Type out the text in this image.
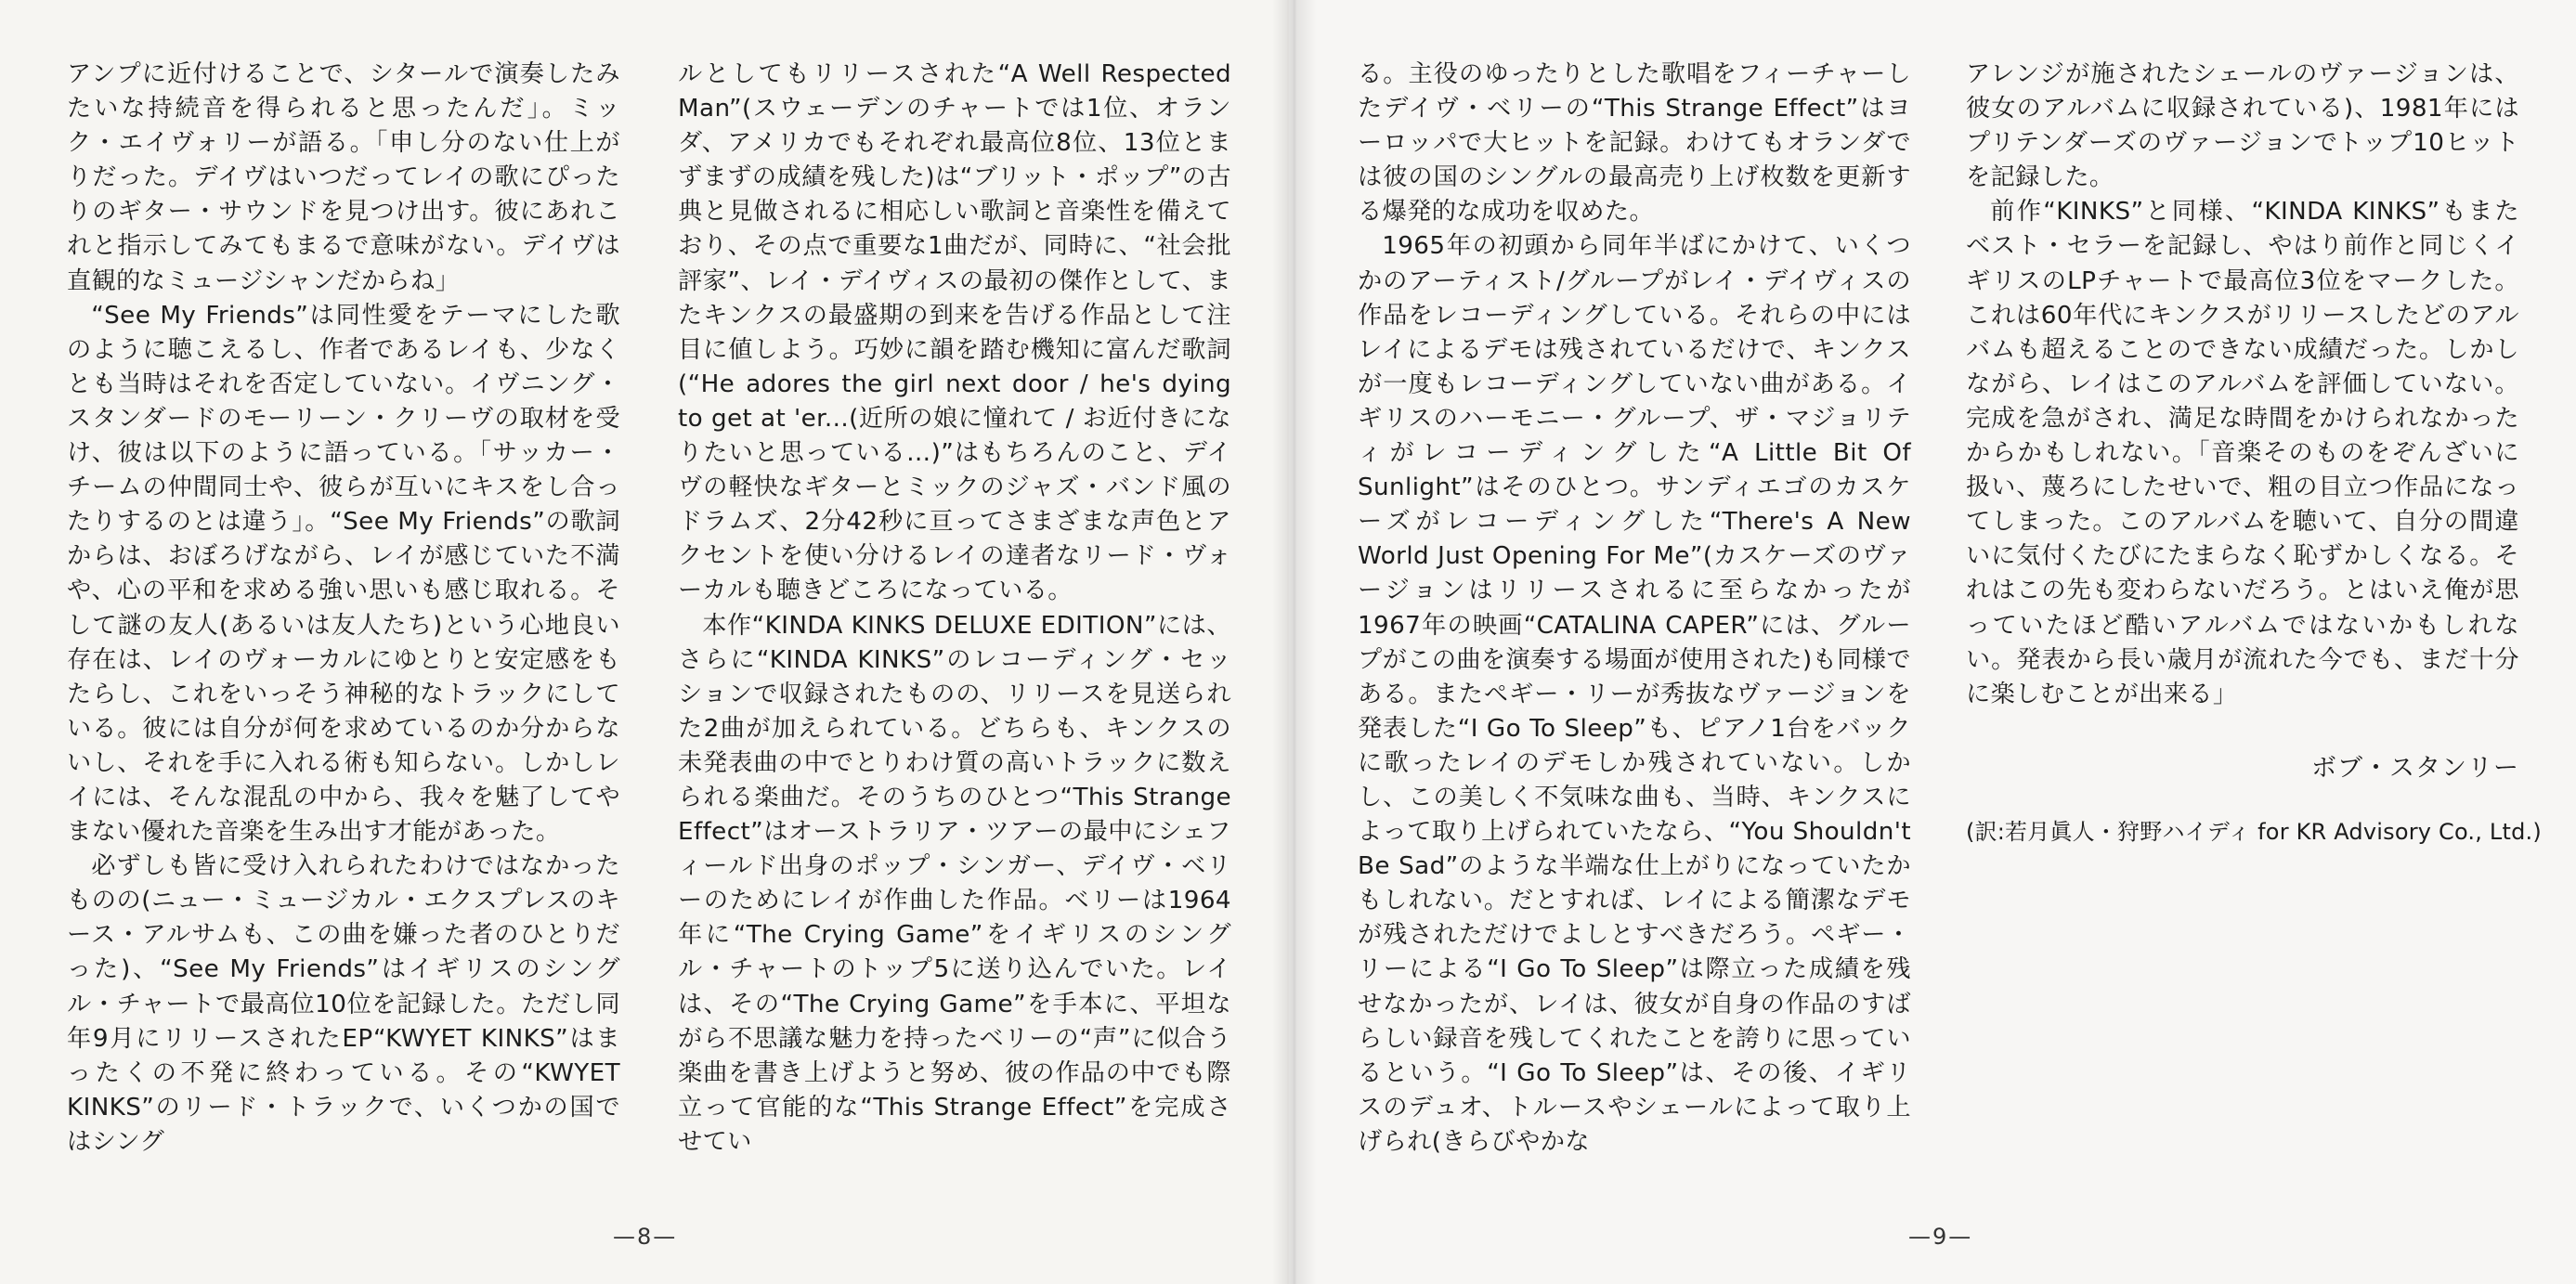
アンプに近付けることで、シタールで演奏したみたいな持続音を得られると思ったんだ」。ミック・エイヴォリーが語る。「申し分のない仕上がりだった。デイヴはいつだってレイの歌にぴったりのギター・サウンドを見つけ出す。彼にあれこれと指示してみてもまるで意味がない。デイヴは直観的なミュージシャンだからね」

“See My Friends”は同性愛をテーマにした歌のように聴こえるし、作者であるレイも、少なくとも当時はそれを否定していない。イヴニング・スタンダードのモーリーン・クリーヴの取材を受け、彼は以下のように語っている。「サッカー・チームの仲間同士や、彼らが互いにキスをし合ったりするのとは違う」。“See My Friends”の歌詞からは、おぼろげながら、レイが感じていた不満や、心の平和を求める強い思いも感じ取れる。そして謎の友人(あるいは友人たち)という心地良い存在は、レイのヴォーカルにゆとりと安定感をもたらし、これをいっそう神秘的なトラックにしている。彼には自分が何を求めているのか分からないし、それを手に入れる術も知らない。しかしレイには、そんな混乱の中から、我々を魅了してやまない優れた音楽を生み出す才能があった。

必ずしも皆に受け入れられたわけではなかったものの(ニュー・ミュージカル・エクスプレスのキース・アルサムも、この曲を嫌った者のひとりだった)、“See My Friends”はイギリスのシングル・チャートで最高位10位を記録した。ただし同年9月にリリースされたEP“KWYET KINKS”はまったくの不発に終わっている。その“KWYET KINKS”のリード・トラックで、いくつかの国ではシング

ルとしてもリリースされた“A Well Respected Man”(スウェーデンのチャートでは1位、オランダ、アメリカでもそれぞれ最高位8位、13位とまずまずの成績を残した)は“ブリット・ポップ”の古典と見做されるに相応しい歌詞と音楽性を備えており、その点で重要な1曲だが、同時に、“社会批評家”、レイ・デイヴィスの最初の傑作として、またキンクスの最盛期の到来を告げる作品として注目に値しよう。巧妙に韻を踏む機知に富んだ歌詞(“He adores the girl next door / he's dying to get at 'er...(近所の娘に憧れて / お近付きになりたいと思っている…)”はもちろんのこと、デイヴの軽快なギターとミックのジャズ・バンド風のドラムズ、2分42秒に亘ってさまざまな声色とアクセントを使い分けるレイの達者なリード・ヴォーカルも聴きどころになっている。

本作“KINDA KINKS DELUXE EDITION”には、さらに“KINDA KINKS”のレコーディング・セッションで収録されたものの、リリースを見送られた2曲が加えられている。どちらも、キンクスの未発表曲の中でとりわけ質の高いトラックに数えられる楽曲だ。そのうちのひとつ“This Strange Effect”はオーストラリア・ツアーの最中にシェフィールド出身のポップ・シンガー、デイヴ・ベリーのためにレイが作曲した作品。ベリーは1964年に“The Crying Game”をイギリスのシングル・チャートのトップ5に送り込んでいた。レイは、その“The Crying Game”を手本に、平坦ながら不思議な魅力を持ったベリーの“声”に似合う楽曲を書き上げようと努め、彼の作品の中でも際立って官能的な“This Strange Effect”を完成させてい

—8—

る。主役のゆったりとした歌唱をフィーチャーしたデイヴ・ベリーの“This Strange Effect”はヨーロッパで大ヒットを記録。わけてもオランダでは彼の国のシングルの最高売り上げ枚数を更新する爆発的な成功を収めた。

1965年の初頭から同年半ばにかけて、いくつかのアーティスト/グループがレイ・デイヴィスの作品をレコーディングしている。それらの中にはレイによるデモは残されているだけで、キンクスが一度もレコーディングしていない曲がある。イギリスのハーモニー・グループ、ザ・マジョリティがレコーディングした“A Little Bit Of Sunlight”はそのひとつ。サンディエゴのカスケーズがレコーディングした“There's A New World Just Opening For Me”(カスケーズのヴァージョンはリリースされるに至らなかったが1967年の映画“CATALINA CAPER”には、グループがこの曲を演奏する場面が使用された)も同様である。またペギー・リーが秀抜なヴァージョンを発表した“I Go To Sleep”も、ピアノ1台をバックに歌ったレイのデモしか残されていない。しかし、この美しく不気味な曲も、当時、キンクスによって取り上げられていたなら、“You Shouldn't Be Sad”のような半端な仕上がりになっていたかもしれない。だとすれば、レイによる簡潔なデモが残されただけでよしとすべきだろう。ペギー・リーによる“I Go To Sleep”は際立った成績を残せなかったが、レイは、彼女が自身の作品のすばらしい録音を残してくれたことを誇りに思っているという。“I Go To Sleep”は、その後、イギリスのデュオ、トルースやシェールによって取り上げられ(きらびやかな

アレンジが施されたシェールのヴァージョンは、彼女のアルバムに収録されている)、1981年にはプリテンダーズのヴァージョンでトップ10ヒットを記録した。

前作“KINKS”と同様、“KINDA KINKS”もまたベスト・セラーを記録し、やはり前作と同じくイギリスのLPチャートで最高位3位をマークした。これは60年代にキンクスがリリースしたどのアルバムも超えることのできない成績だった。しかしながら、レイはこのアルバムを評価していない。完成を急がされ、満足な時間をかけられなかったからかもしれない。「音楽そのものをぞんざいに扱い、蔑ろにしたせいで、粗の目立つ作品になってしまった。このアルバムを聴いて、自分の間違いに気付くたびにたまらなく恥ずかしくなる。それはこの先も変わらないだろう。とはいえ俺が思っていたほど酷いアルバムではないかもしれない。発表から長い歳月が流れた今でも、まだ十分に楽しむことが出来る」

ボブ・スタンリー
(訳:若月眞人・狩野ハイディ for KR Advisory Co., Ltd.)
—9—
